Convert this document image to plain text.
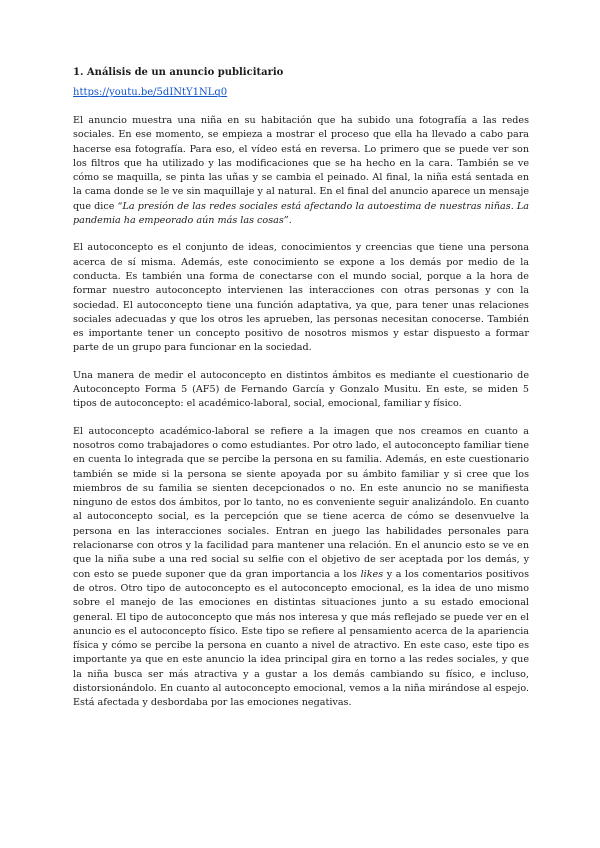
1. Análisis de un anuncio publicitario
https://youtu.be/5dINtY1NLq0

El anuncio muestra una niña en su habitación que ha subido una fotografía a las redes sociales. En ese momento, se empieza a mostrar el proceso que ella ha llevado a cabo para hacerse esa fotografía. Para eso, el vídeo está en reversa. Lo primero que se puede ver son los filtros que ha utilizado y las modificaciones que se ha hecho en la cara. También se ve cómo se maquilla, se pinta las uñas y se cambia el peinado. Al final, la niña está sentada en la cama donde se le ve sin maquillaje y al natural. En el final del anuncio aparece un mensaje que dice “La presión de las redes sociales está afectando la autoestima de nuestras niñas. La pandemia ha empeorado aún más las cosas”.

El autoconcepto es el conjunto de ideas, conocimientos y creencias que tiene una persona acerca de sí misma. Además, este conocimiento se expone a los demás por medio de la conducta. Es también una forma de conectarse con el mundo social, porque a la hora de formar nuestro autoconcepto intervienen las interacciones con otras personas y con la sociedad. El autoconcepto tiene una función adaptativa, ya que, para tener unas relaciones sociales adecuadas y que los otros les aprueben, las personas necesitan conocerse. También es importante tener un concepto positivo de nosotros mismos y estar dispuesto a formar parte de un grupo para funcionar en la sociedad.

Una manera de medir el autoconcepto en distintos ámbitos es mediante el cuestionario de Autoconcepto Forma 5 (AF5) de Fernando García y Gonzalo Musitu. En este, se miden 5 tipos de autoconcepto: el académico-laboral, social, emocional, familiar y físico.

El autoconcepto académico-laboral se refiere a la imagen que nos creamos en cuanto a nosotros como trabajadores o como estudiantes. Por otro lado, el autoconcepto familiar tiene en cuenta lo integrada que se percibe la persona en su familia. Además, en este cuestionario también se mide si la persona se siente apoyada por su ámbito familiar y si cree que los miembros de su familia se sienten decepcionados o no. En este anuncio no se manifiesta ninguno de estos dos ámbitos, por lo tanto, no es conveniente seguir analizándolo. En cuanto al autoconcepto social, es la percepción que se tiene acerca de cómo se desenvuelve la persona en las interacciones sociales. Entran en juego las habilidades personales para relacionarse con otros y la facilidad para mantener una relación. En el anuncio esto se ve en que la niña sube a una red social su selfie con el objetivo de ser aceptada por los demás, y con esto se puede suponer que da gran importancia a los likes y a los comentarios positivos de otros. Otro tipo de autoconcepto es el autoconcepto emocional, es la idea de uno mismo sobre el manejo de las emociones en distintas situaciones junto a su estado emocional general. El tipo de autoconcepto que más nos interesa y que más reflejado se puede ver en el anuncio es el autoconcepto físico. Este tipo se refiere al pensamiento acerca de la apariencia física y cómo se percibe la persona en cuanto a nivel de atractivo. En este caso, este tipo es importante ya que en este anuncio la idea principal gira en torno a las redes sociales, y que la niña busca ser más atractiva y a gustar a los demás cambiando su físico, e incluso, distorsionándolo. En cuanto al autoconcepto emocional, vemos a la niña mirándose al espejo. Está afectada y desbordaba por las emociones negativas.
